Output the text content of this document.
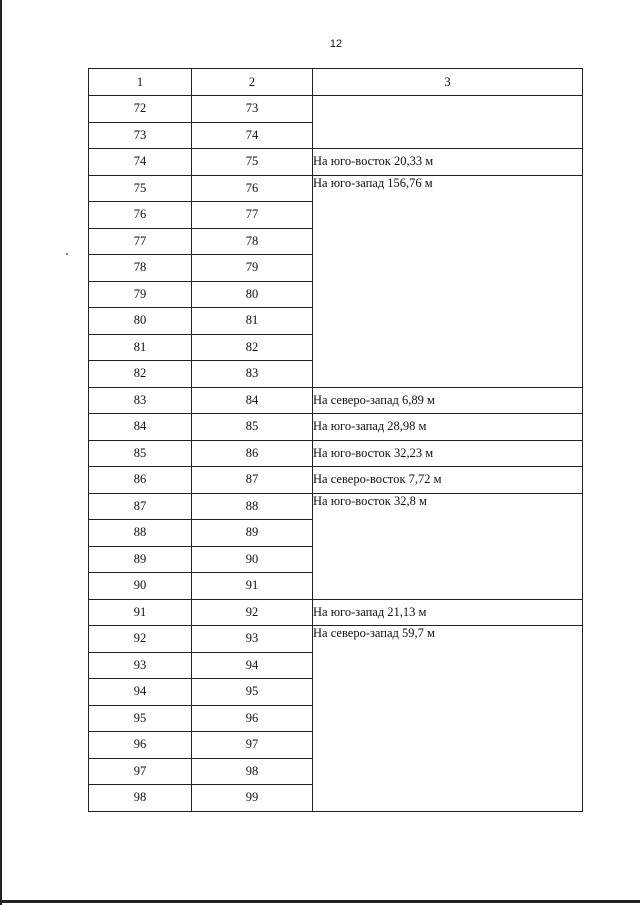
12
1	2	3
72	73	
73	74	
74	75	На юго-восток 20,33 м
75	76	На юго-запад 156,76 м
76	77	
77	78	
78	79	
79	80	
80	81	
81	82	
82	83	
83	84	На северо-запад 6,89 м
84	85	На юго-запад 28,98 м
85	86	На юго-восток 32,23 м
86	87	На северо-восток 7,72 м
87	88	На юго-восток 32,8 м
88	89	
89	90	
90	91	
91	92	На юго-запад 21,13 м
92	93	На северо-запад 59,7 м
93	94	
94	95	
95	96	
96	97	
97	98	
98	99	
